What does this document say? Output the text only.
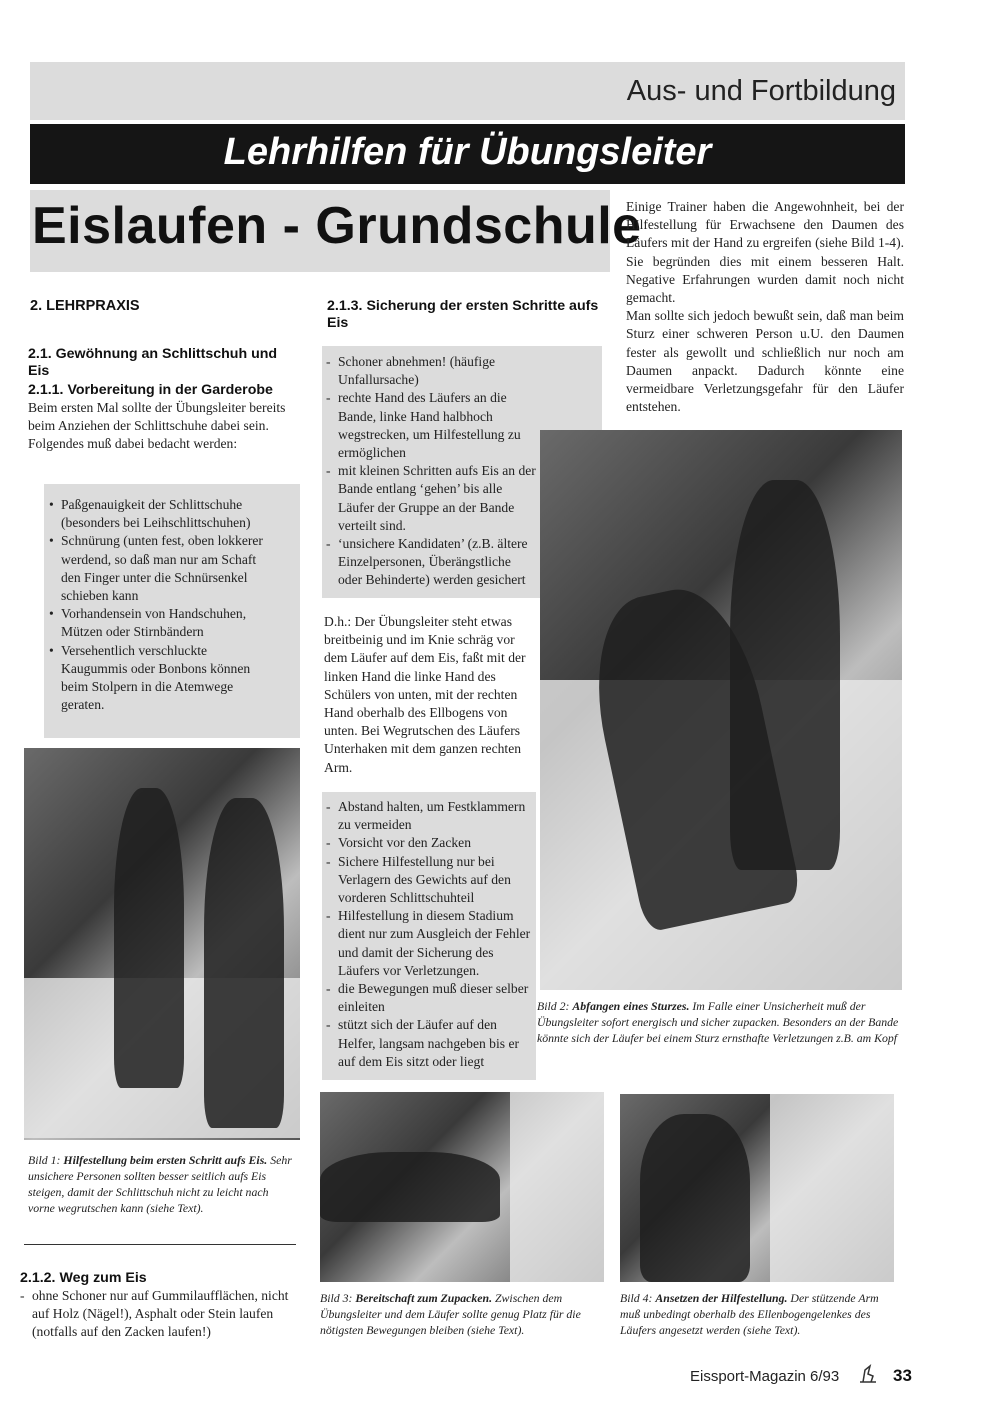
Aus- und Fortbildung
Lehrhilfen für Übungsleiter
Eislaufen - Grundschule
2. LEHRPRAXIS
2.1. Gewöhnung an Schlittschuh und Eis
2.1.1. Vorbereitung in der Garderobe

Beim ersten Mal sollte der Übungsleiter bereits beim Anziehen der Schlittschuhe dabei sein.

Folgendes muß dabei bedacht werden:

• Paßgenauigkeit der Schlittschuhe (besonders bei Leihschlittschuhen)
• Schnürung (unten fest, oben lokkerer werdend, so daß man nur am Schaft den Finger unter die Schnürsenkel schieben kann
• Vorhandensein von Handschuhen, Mützen oder Stirnbändern
• Versehentlich verschluckte Kaugummis oder Bonbons können beim Stolpern in die Atemwege geraten.
Bild 1: Hilfestellung beim ersten Schritt aufs Eis. Sehr unsichere Personen sollten besser seitlich aufs Eis steigen, damit der Schlittschuh nicht zu leicht nach vorne wegrutschen kann (siehe Text).
2.1.2. Weg zum Eis
- ohne Schoner nur auf Gummilaufflächen, nicht auf Holz (Nägel!), Asphalt oder Stein laufen (notfalls auf den Zacken laufen!)
2.1.3. Sicherung der ersten Schritte aufs Eis
- Schoner abnehmen! (häufige Unfallursache)
- rechte Hand des Läufers an die Bande, linke Hand halbhoch wegstrecken, um Hilfestellung zu ermöglichen
- mit kleinen Schritten aufs Eis an der Bande entlang ‘gehen’ bis alle Läufer der Gruppe an der Bande verteilt sind.
- ‘unsichere Kandidaten’ (z.B. ältere Einzelpersonen, Überängstliche oder Behinderte) werden gesichert

D.h.: Der Übungsleiter steht etwas breitbeinig und im Knie schräg vor dem Läufer auf dem Eis, faßt mit der linken Hand die linke Hand des Schülers von unten, mit der rechten Hand oberhalb des Ellbogens von unten. Bei Wegrutschen des Läufers Unterhaken mit dem ganzen rechten Arm.

- Abstand halten, um Festklammern zu vermeiden
- Vorsicht vor den Zacken
- Sichere Hilfestellung nur bei Verlagern des Gewichts auf den vorderen Schlittschuhteil
- Hilfestellung in diesem Stadium dient nur zum Ausgleich der Fehler und damit der Sicherung des Läufers vor Verletzungen.
- die Bewegungen muß dieser selber einleiten
- stützt sich der Läufer auf den Helfer, langsam nachgeben bis er auf dem Eis sitzt oder liegt

Einige Trainer haben die Angewohnheit, bei der Hilfestellung für Erwachsene den Daumen des Läufers mit der Hand zu ergreifen (siehe Bild 1-4). Sie begründen dies mit einem besseren Halt. Negative Erfahrungen wurden damit noch nicht gemacht.

Man sollte sich jedoch bewußt sein, daß man beim Sturz einer schweren Person u.U. den Daumen fester als gewollt und schließlich nur noch am Daumen anpackt. Dadurch könnte eine vermeidbare Verletzungsgefahr für den Läufer entstehen.

Bild 2: Abfangen eines Sturzes. Im Falle einer Unsicherheit muß der Übungsleiter sofort energisch und sicher zupacken. Besonders an der Bande könnte sich der Läufer bei einem Sturz ernsthafte Verletzungen z.B. am Kopf
Bild 3: Bereitschaft zum Zupacken. Zwischen dem Übungsleiter und dem Läufer sollte genug Platz für die nötigsten Bewegungen bleiben (siehe Text).
Bild 4: Ansetzen der Hilfestellung. Der stützende Arm muß unbedingt oberhalb des Ellenbogengelenkes des Läufers angesetzt werden (siehe Text).
Eissport-Magazin 6/93	33
